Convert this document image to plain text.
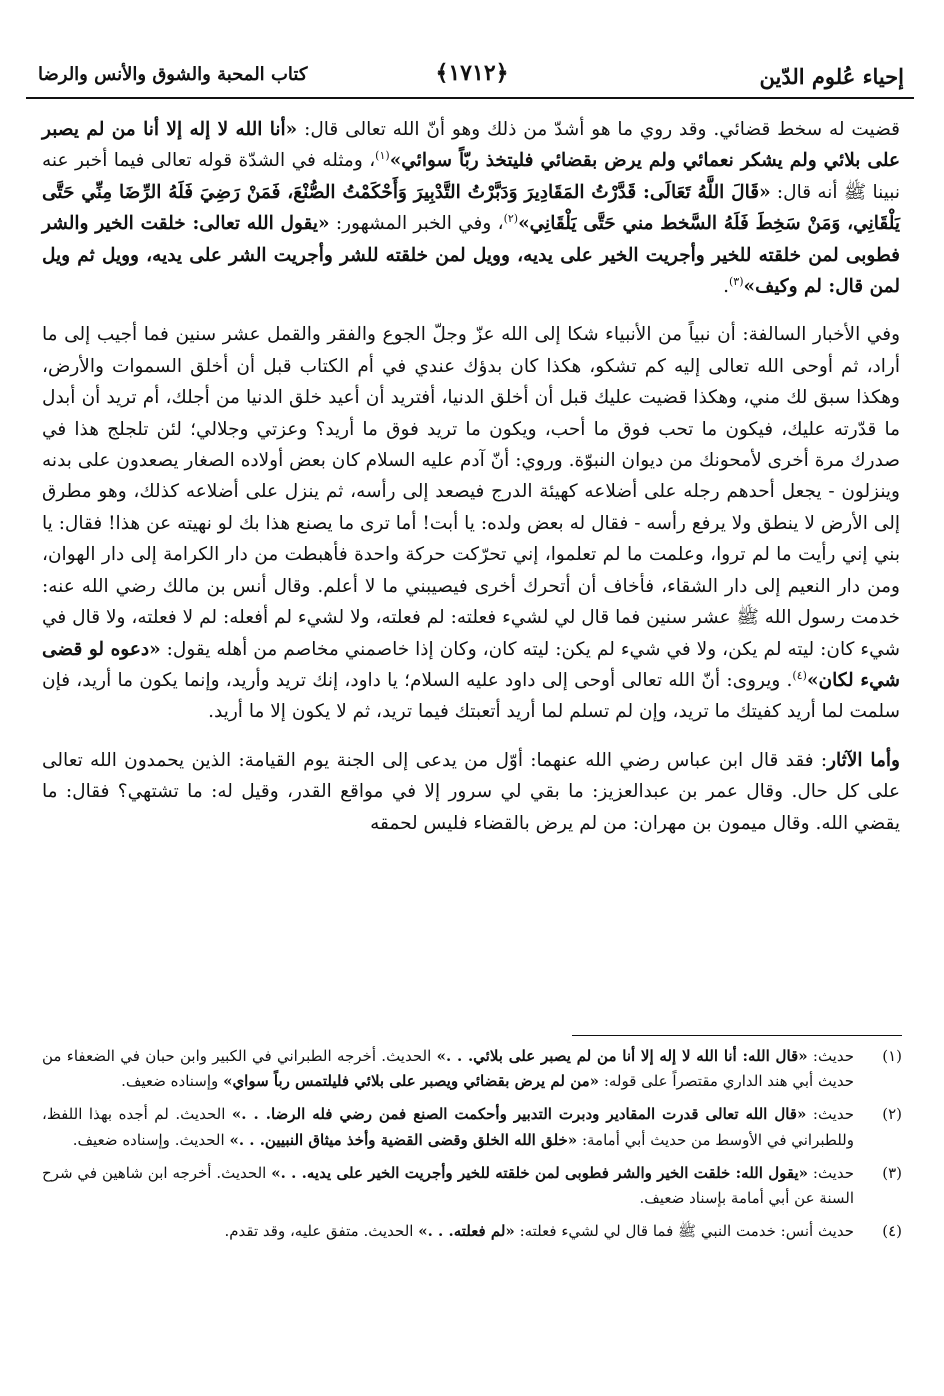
إحياء عُلوم الدّين
﴿١٧١٢﴾
كتاب المحبة والشوق والأنس والرضا

قضيت له سخط قضائي. وقد روي ما هو أشدّ من ذلك وهو أنّ الله تعالى قال: «أنا الله لا إله إلا أنا من لم يصبر على بلائي ولم يشكر نعمائي ولم يرض بقضائي فليتخذ ربّاً سوائي»$^{(١)}$، ومثله في الشدّة قوله تعالى فيما أخبر عنه نبينا ﷺ أنه قال: «قَالَ اللَّهُ تَعَالَى: قَدَّرْتُ المَقَادِيرَ وَدَبَّرْتُ التَّدْبِيرَ وَأَحْكَمْتُ الصُّنْعَ، فَمَنْ رَضِيَ فَلَهُ الرِّضَا مِنِّي حَتَّى يَلْقَانِي، وَمَنْ سَخِطَ فَلَهُ السَّخط مني حَتَّى يَلْقَانِي»$^{(٢)}$، وفي الخبر المشهور: «يقول الله تعالى: خلقت الخير والشر فطوبى لمن خلقته للخير وأجريت الخير على يديه، وويل لمن خلقته للشر وأجريت الشر على يديه، وويل ثم ويل لمن قال: لم وكيف»$^{(٣)}$.

وفي الأخبار السالفة: أن نبياً من الأنبياء شكا إلى الله عزّ وجلّ الجوع والفقر والقمل عشر سنين فما أجيب إلى ما أراد، ثم أوحى الله تعالى إليه كم تشكو، هكذا كان بدؤك عندي في أم الكتاب قبل أن أخلق السموات والأرض، وهكذا سبق لك مني، وهكذا قضيت عليك قبل أن أخلق الدنيا، أفتريد أن أعيد خلق الدنيا من أجلك، أم تريد أن أبدل ما قدّرته عليك، فيكون ما تحب فوق ما أحب، ويكون ما تريد فوق ما أريد؟ وعزتي وجلالي؛ لئن تلجلج هذا في صدرك مرة أخرى لأمحونك من ديوان النبوّة. وروي: أنّ آدم عليه السلام كان بعض أولاده الصغار يصعدون على بدنه وينزلون - يجعل أحدهم رجله على أضلاعه كهيئة الدرج فيصعد إلى رأسه، ثم ينزل على أضلاعه كذلك، وهو مطرق إلى الأرض لا ينطق ولا يرفع رأسه - فقال له بعض ولده: يا أبت! أما ترى ما يصنع هذا بك لو نهيته عن هذا! فقال: يا بني إني رأيت ما لم تروا، وعلمت ما لم تعلموا، إني تحرّكت حركة واحدة فأهبطت من دار الكرامة إلى دار الهوان، ومن دار النعيم إلى دار الشقاء، فأخاف أن أتحرك أخرى فيصيبني ما لا أعلم. وقال أنس بن مالك رضي الله عنه: خدمت رسول الله ﷺ عشر سنين فما قال لي لشيء فعلته: لم فعلته، ولا لشيء لم أفعله: لم لا فعلته، ولا قال في شيء كان: ليته لم يكن، ولا في شيء لم يكن: ليته كان، وكان إذا خاصمني مخاصم من أهله يقول: «دعوه لو قضى شيء لكان»$^{(٤)}$. ويروى: أنّ الله تعالى أوحى إلى داود عليه السلام؛ يا داود، إنك تريد وأريد، وإنما يكون ما أريد، فإن سلمت لما أريد كفيتك ما تريد، وإن لم تسلم لما أريد أتعبتك فيما تريد، ثم لا يكون إلا ما أريد.

وأما الآثار: فقد قال ابن عباس رضي الله عنهما: أوّل من يدعى إلى الجنة يوم القيامة: الذين يحمدون الله تعالى على كل حال. وقال عمر بن عبدالعزيز: ما بقي لي سرور إلا في مواقع القدر، وقيل له: ما تشتهي؟ فقال: ما يقضي الله. وقال ميمون بن مهران: من لم يرض بالقضاء فليس لحمقه

(١)
حديث: «قال الله: أنا الله لا إله إلا أنا من لم يصبر على بلائي. . .» الحديث. أخرجه الطبراني في الكبير وابن حبان في الضعفاء من حديث أبي هند الداري مقتصراً على قوله: «من لم يرض بقضائي ويصبر على بلائي فليلتمس رباً سواي» وإسناده ضعيف.
(٢)
حديث: «قال الله تعالى قدرت المقادير ودبرت التدبير وأحكمت الصنع فمن رضي فله الرضا. . .» الحديث. لم أجده بهذا اللفظ، وللطبراني في الأوسط من حديث أبي أمامة: «خلق الله الخلق وقضى القضية وأخذ ميثاق النبيين. . .» الحديث. وإسناده ضعيف.
(٣)
حديث: «يقول الله: خلقت الخير والشر فطوبى لمن خلقته للخير وأجريت الخير على يديه. . .» الحديث. أخرجه ابن شاهين في شرح السنة عن أبي أمامة بإسناد ضعيف.
(٤)
حديث أنس: خدمت النبي ﷺ فما قال لي لشيء فعلته: «لم فعلته. . .» الحديث. متفق عليه، وقد تقدم.
